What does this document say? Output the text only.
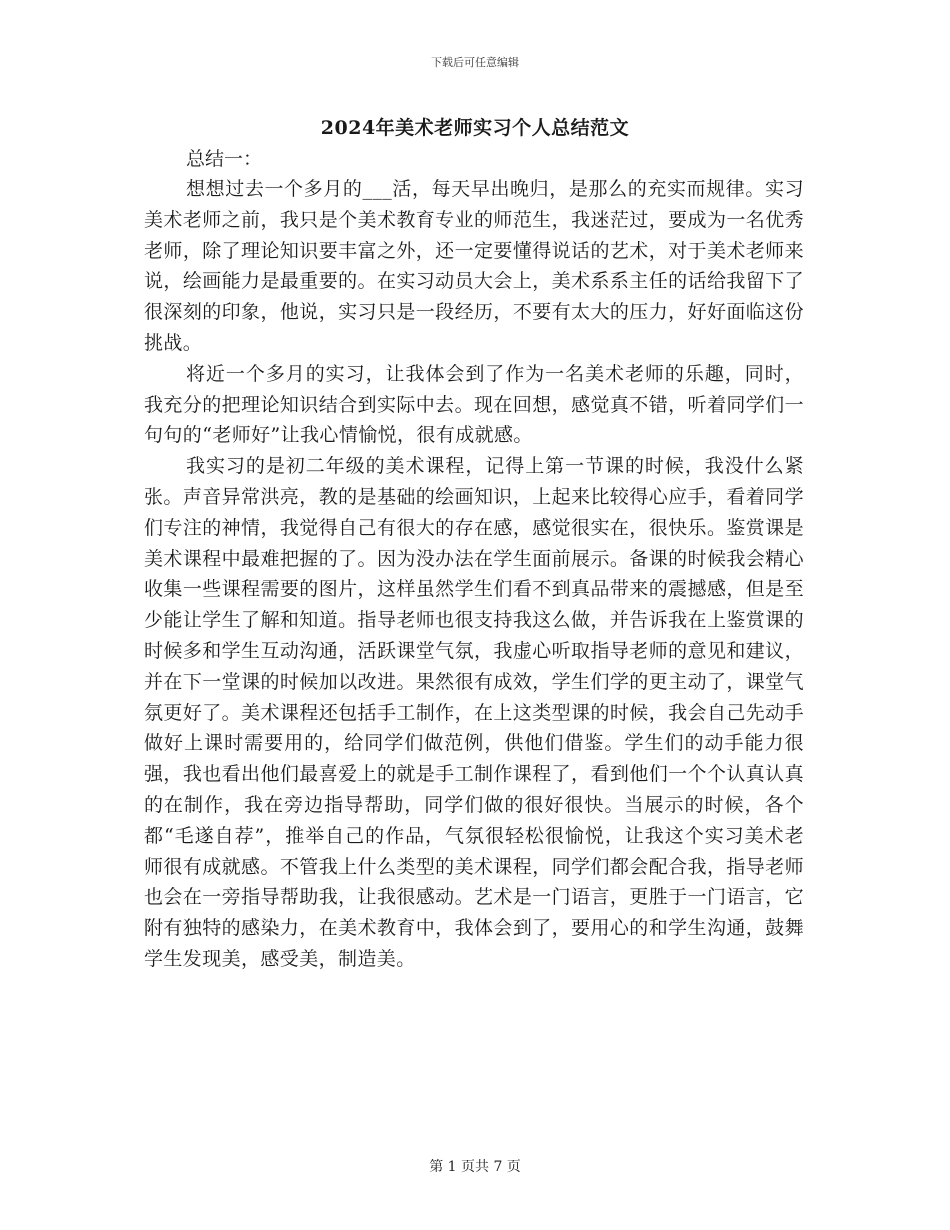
下载后可任意编辑
2024年美术老师实习个人总结范文

总结一：

想想过去一个多月的___活，每天早出晚归，是那么的充实而规律。实习美术老师之前，我只是个美术教育专业的师范生，我迷茫过，要成为一名优秀老师，除了理论知识要丰富之外，还一定要懂得说话的艺术，对于美术老师来说，绘画能力是最重要的。在实习动员大会上，美术系系主任的话给我留下了很深刻的印象，他说，实习只是一段经历，不要有太大的压力，好好面临这份挑战。

将近一个多月的实习，让我体会到了作为一名美术老师的乐趣，同时，我充分的把理论知识结合到实际中去。现在回想，感觉真不错，听着同学们一句句的“老师好”让我心情愉悦，很有成就感。

我实习的是初二年级的美术课程，记得上第一节课的时候，我没什么紧张。声音异常洪亮，教的是基础的绘画知识，上起来比较得心应手，看着同学们专注的神情，我觉得自己有很大的存在感，感觉很实在，很快乐。鉴赏课是美术课程中最难把握的了。因为没办法在学生面前展示。备课的时候我会精心收集一些课程需要的图片，这样虽然学生们看不到真品带来的震撼感，但是至少能让学生了解和知道。指导老师也很支持我这么做，并告诉我在上鉴赏课的时候多和学生互动沟通，活跃课堂气氛，我虚心听取指导老师的意见和建议，并在下一堂课的时候加以改进。果然很有成效，学生们学的更主动了，课堂气氛更好了。美术课程还包括手工制作，在上这类型课的时候，我会自己先动手做好上课时需要用的，给同学们做范例，供他们借鉴。学生们的动手能力很强，我也看出他们最喜爱上的就是手工制作课程了，看到他们一个个认真认真的在制作，我在旁边指导帮助，同学们做的很好很快。当展示的时候，各个都“毛遂自荐”，推举自己的作品，气氛很轻松很愉悦，让我这个实习美术老师很有成就感。不管我上什么类型的美术课程，同学们都会配合我，指导老师也会在一旁指导帮助我，让我很感动。艺术是一门语言，更胜于一门语言，它附有独特的感染力，在美术教育中，我体会到了，要用心的和学生沟通，鼓舞学生发现美，感受美，制造美。

第 1 页共 7 页
